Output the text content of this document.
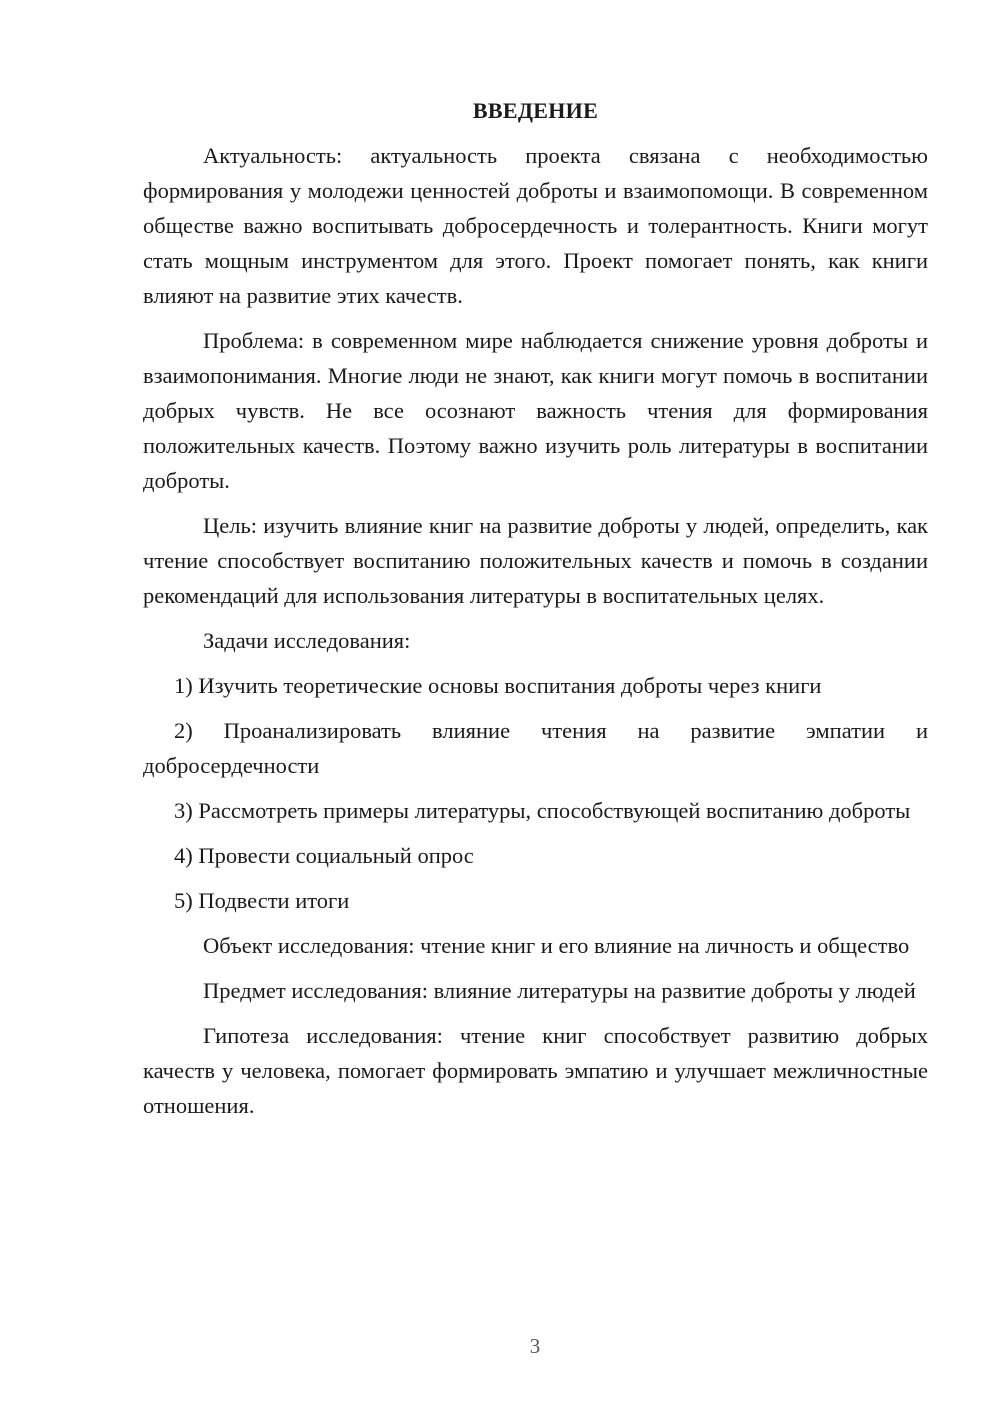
ВВЕДЕНИЕ

Актуальность: актуальность проекта связана с необходимостью формирования у молодежи ценностей доброты и взаимопомощи. В современном обществе важно воспитывать добросердечность и толерантность. Книги могут стать мощным инструментом для этого. Проект помогает понять, как книги влияют на развитие этих качеств.

Проблема: в современном мире наблюдается снижение уровня доброты и взаимопонимания. Многие люди не знают, как книги могут помочь в воспитании добрых чувств. Не все осознают важность чтения для формирования положительных качеств. Поэтому важно изучить роль литературы в воспитании доброты.

Цель: изучить влияние книг на развитие доброты у людей, определить, как чтение способствует воспитанию положительных качеств и помочь в создании рекомендаций для использования литературы в воспитательных целях.

Задачи исследования:

1) Изучить теоретические основы воспитания доброты через книги

2) Проанализировать влияние чтения на развитие эмпатии и добросердечности

3) Рассмотреть примеры литературы, способствующей воспитанию доброты

4) Провести социальный опрос

5) Подвести итоги

Объект исследования: чтение книг и его влияние на личность и общество

Предмет исследования: влияние литературы на развитие доброты у людей

Гипотеза исследования: чтение книг способствует развитию добрых качеств у человека, помогает формировать эмпатию и улучшает межличностные отношения.

3
